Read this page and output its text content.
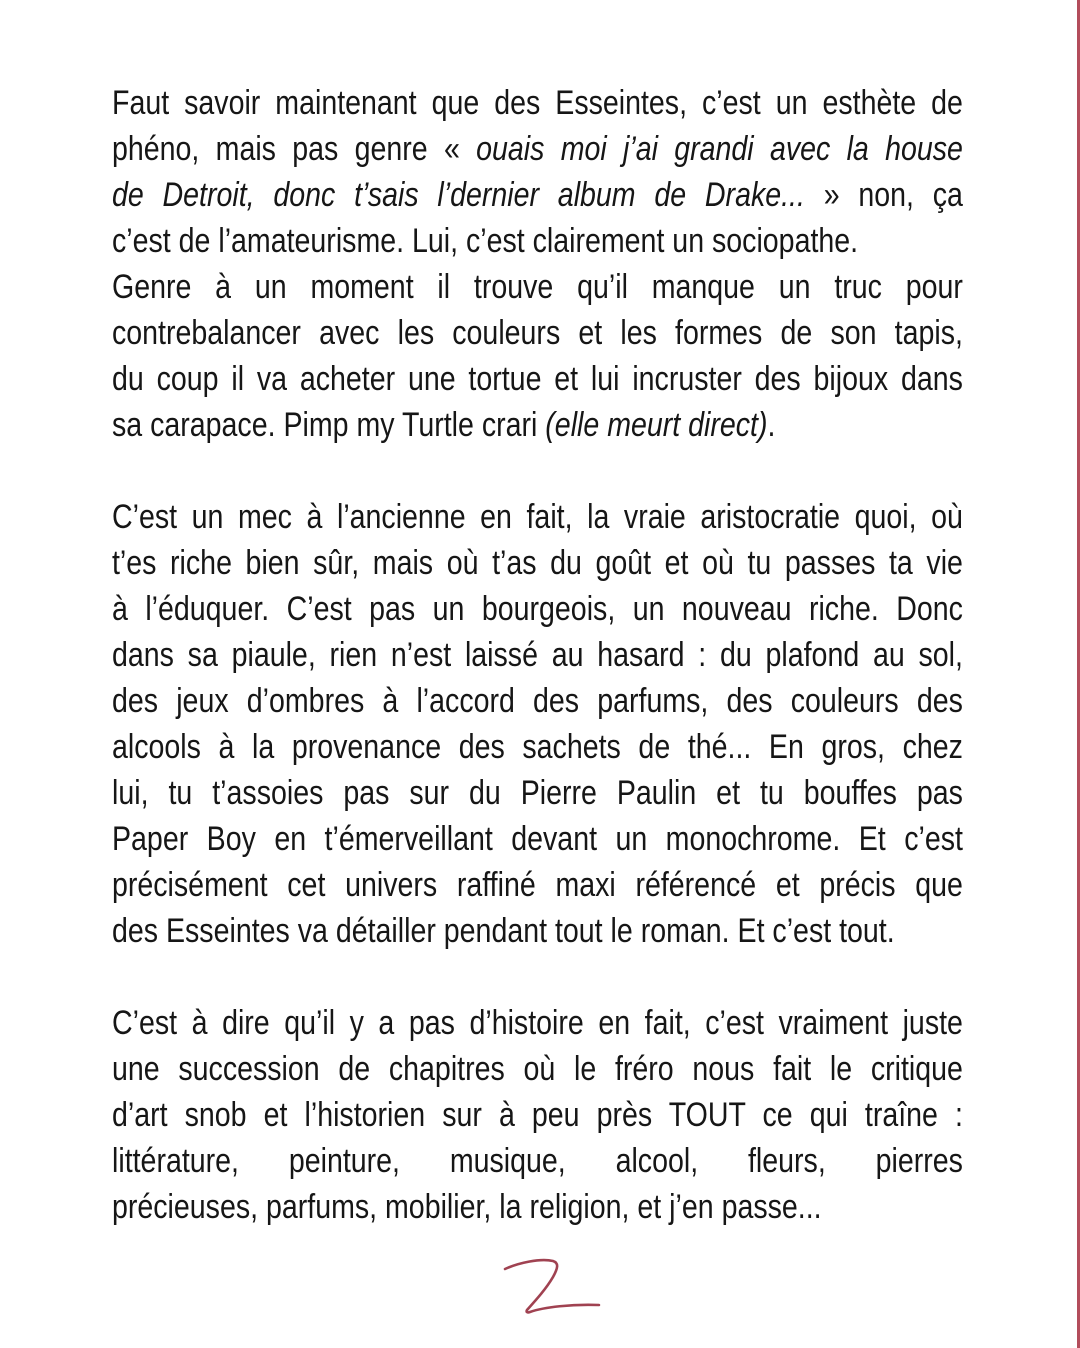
Faut savoir maintenant que des Esseintes, c’est un esthète de
phéno, mais pas genre « ouais moi j’ai grandi avec la house
de Detroit, donc t’sais l’dernier album de Drake... » non, ça
c’est de l’amateurisme. Lui, c’est clairement un sociopathe.
Genre à un moment il trouve qu’il manque un truc pour
contrebalancer avec les couleurs et les formes de son tapis,
du coup il va acheter une tortue et lui incruster des bijoux dans
sa carapace. Pimp my Turtle crari (elle meurt direct).
C’est un mec à l’ancienne en fait, la vraie aristocratie quoi, où
t’es riche bien sûr, mais où t’as du goût et où tu passes ta vie
à l’éduquer. C’est pas un bourgeois, un nouveau riche. Donc
dans sa piaule, rien n’est laissé au hasard : du plafond au sol,
des jeux d’ombres à l’accord des parfums, des couleurs des
alcools à la provenance des sachets de thé... En gros, chez
lui, tu t’assoies pas sur du Pierre Paulin et tu bouffes pas
Paper Boy en t’émerveillant devant un monochrome. Et c’est
précisément cet univers raffiné maxi référencé et précis que
des Esseintes va détailler pendant tout le roman. Et c’est tout.
C’est à dire qu’il y a pas d’histoire en fait, c’est vraiment juste
une succession de chapitres où le fréro nous fait le critique
d’art snob et l’historien sur à peu près TOUT ce qui traîne :
littérature, peinture, musique, alcool, fleurs, pierres
précieuses, parfums, mobilier, la religion, et j’en passe...
